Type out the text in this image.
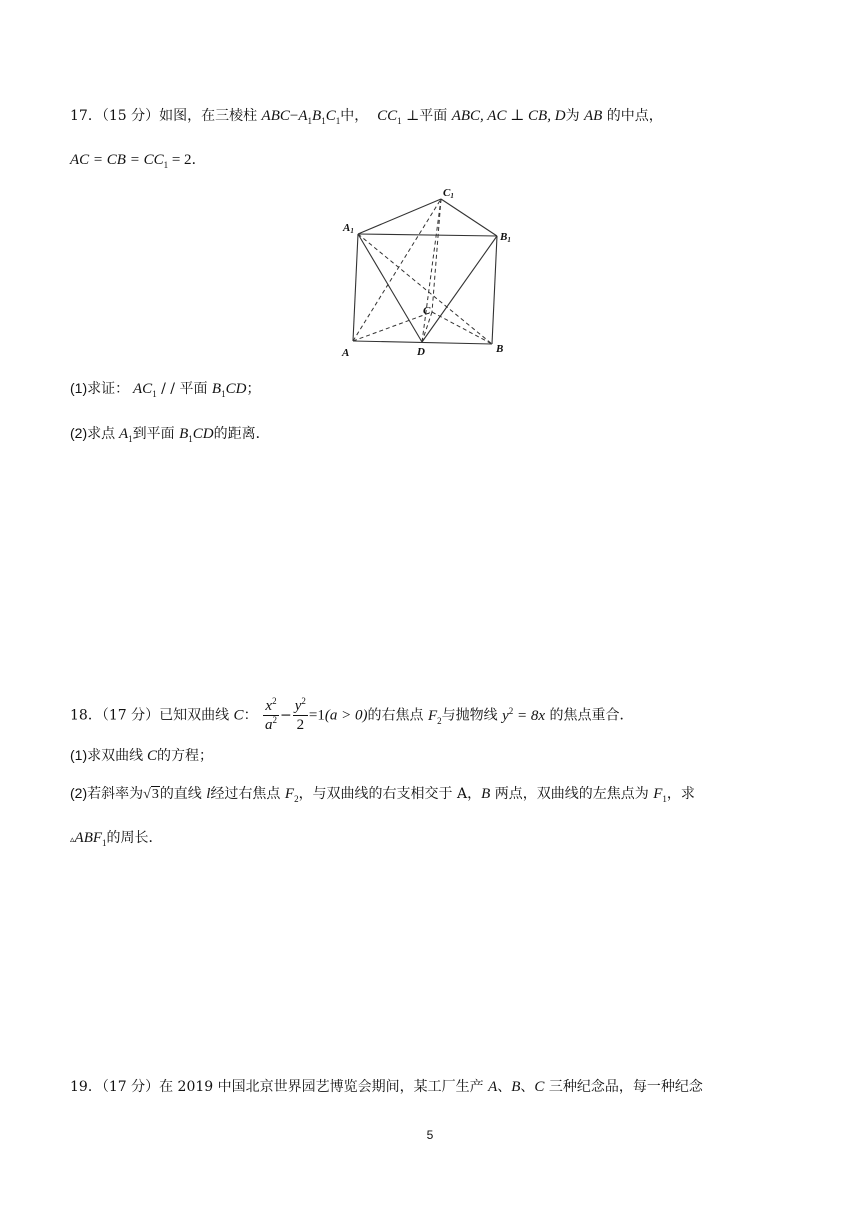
17．（15 分）如图，在三棱柱 $ABC-A_1B_1C_1$中， $CC_1$ ⊥平面 ABC, AC ⊥ CB, D为 AB 的中点，
AC = CB = $CC_1 = 2$．
A1
C1
B1
C
A	D	B
(1)求证： $AC_1$ / / 平面 $B_1CD$；
(2)求点 $A_1$到平面 $B_1CD$的距离．
18．（17 分）已知双曲线 C： $\frac{x^2}{a^2} - \frac{y^2}{2} =1(a > 0)$的右焦点 $F_2$与抛物线 $y^2 = 8x$ 的焦点重合．
(1)求双曲线 C的方程；
(2)若斜率为√3的直线 l经过右焦点 $F_2$，与双曲线的右支相交于 A，B 两点，双曲线的左焦点为 $F_1$，求
$▵ABF_1$的周长．
19．（17 分）在 2019 中国北京世界园艺博览会期间，某工厂生产 A、B、C 三种纪念品，每一种纪念
5
